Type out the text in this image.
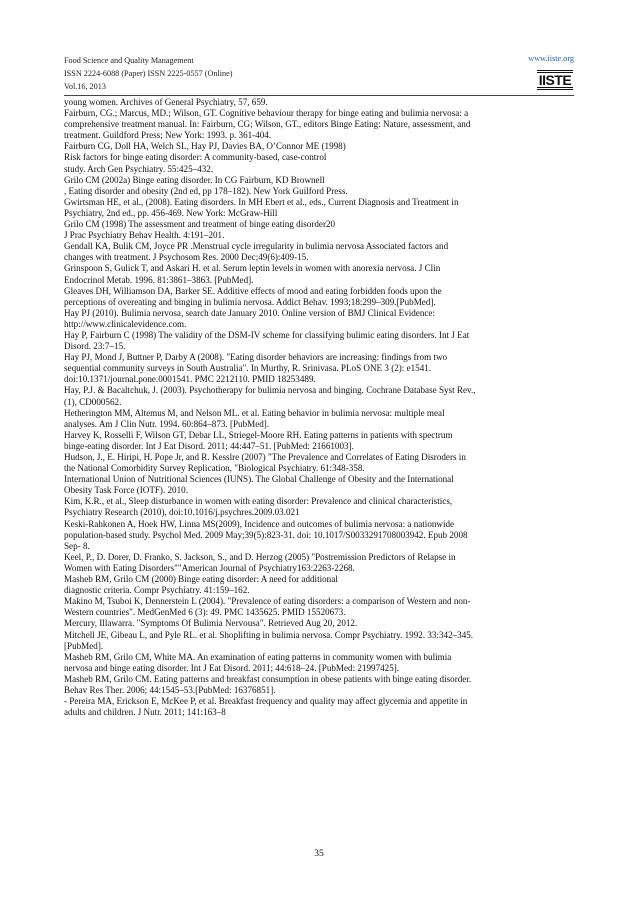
Food Science and Quality Management
ISSN 2224-6088 (Paper) ISSN 2225-0557 (Online)
Vol.16, 2013
www.iiste.org
IISTE
young women. Archives of General Psychiatry, 57, 659.
Fairburn, CG.; Marcus, MD.; Wilson, GT. Cognitive behaviour therapy for binge eating and bulimia nervosa: a
comprehensive treatment manual. In: Fairburn, CG; Wilson, GT., editors Binge Eating: Nature, assessment, and
treatment. Guildford Press; New York: 1993. p. 361-404.
Fairburn CG, Doll HA, Welch SL, Hay PJ, Davies BA, O’Connor ME (1998)
Risk factors for binge eating disorder: A community-based, case-control
study. Arch Gen Psychiatry. 55:425–432.
Grilo CM (2002a) Binge eating disorder. In CG Fairburn, KD Brownell
, Eating disorder and obesity (2nd ed, pp 178–182). New York Guilford Press.
Gwirtsman HE, et al., (2008). Eating disorders. In MH Ebert et al., eds., Current Diagnosis and Treatment in
Psychiatry, 2nd ed., pp. 456-469. New York: McGraw-Hill
Grilo CM (1998) The assessment and treatment of binge eating disorder20
J Prac Psychiatry Behav Health. 4:191–201.
Gendall KA, Bulik CM, Joyce PR .Menstrual cycle irregularity in bulimia nervosa Associated factors and
changes with treatment. J Psychosom Res. 2000 Dec;49(6):409-15.
Grinspoon S, Gulick T, and Askari H. et al. Serum leptin levels in women with anorexia nervosa. J Clin
Endocrinol Metab. 1996. 81:3861–3863. [PubMed].
Gleaves DH, Williamson DA, Barker SE. Additive effects of mood and eating forbidden foods upon the
perceptions of overeating and binging in bulimia nervosa. Addict Behav. 1993;18:299–309.[PubMed].
Hay PJ (2010). Bulimia nervosa, search date January 2010. Online version of BMJ Clinical Evidence:
http://www.clinicalevidence.com.
Hay P, Fairburn C (1998) The validity of the DSM-IV scheme for classifying bulimic eating disorders. Int J Eat
Disord. 23:7–15.
Hay PJ, Mond J, Buttner P, Darby A (2008). "Eating disorder behaviors are increasing: findings from two
sequential community surveys in South Australia". In Murthy, R. Srinivasa. PLoS ONE 3 (2): e1541.
doi:10.1371/journal.pone.0001541. PMC 2212110. PMID 18253489.
Hay, P.J. & Bacaltchuk, J. (2003). Psychotherapy for bulimia nervosa and binging. Cochrane Database Syst Rev.,
(1), CD000562.
Hetherington MM, Altemus M, and Nelson ML. et al. Eating behavior in bulimia nervosa: multiple meal
analyses. Am J Clin Nutr. 1994. 60:864–873. [PubMed].
Harvey K, Rosselli F, Wilson GT, Debar LL, Striegel-Moore RH. Eating patterns in patients with spectrum
binge-eating disorder. Int J Eat Disord. 2011; 44:447–51. [PubMed: 21661003].
Hudson, J., E. Hiripi, H. Pope Jr, and R. Kesslre (2007) "The Prevalence and Correlates of Eating Disroders in
the National Comorbidity Survey Replication, "Biological Psychiatry. 61:348-358.
International Union of Nutritional Sciences (IUNS). The Global Challenge of Obesity and the International
Obesity Task Force (IOTF). 2010.
Kim, K.R., et al., Sleep disturbance in women with eating disorder: Prevalence and clinical characteristics,
Psychiatry Research (2010), doi:10.1016/j.psychres.2009.03.021
Keski-Rahkonen A, Hoek HW, Linna MS(2009), Incidence and outcomes of bulimia nervosa: a nationwide
population-based study. Psychol Med. 2009 May;39(5):823-31. doi: 10.1017/S0033291708003942. Epub 2008
Sep- 8.
Keel, P., D. Dorer, D. Franko, S. Jackson, S., and D. Herzog (2005) "Postremission Predictors of Relapse in
Women with Eating Disorders""American Journal of Psychiatry163:2263-2268.
Masheb RM, Grilo CM (2000) Binge eating disorder: A need for additional
diagnostic criteria. Compr Psychiatry. 41:159–162.
Makino M, Tsuboi K, Dennerstein L (2004). "Prevalence of eating disorders: a comparison of Western and non-
Western countries". MedGenMed 6 (3): 49. PMC 1435625. PMID 15520673.
Mercury, Illawarra. "Symptoms Of Bulimia Nervousa". Retrieved Aug 20, 2012.
Mitchell JE, Gibeau L, and Pyle RL. et al. Shoplifting in bulimia nervosa. Compr Psychiatry. 1992. 33:342–345.
[PubMed].
Masheb RM, Grilo CM, White MA. An examination of eating patterns in community women with bulimia
nervosa and binge eating disorder. Int J Eat Disord. 2011; 44:618–24. [PubMed: 21997425].
Masheb RM, Grilo CM. Eating patterns and breakfast consumption in obese patients with binge eating disorder.
Behav Res Ther. 2006; 44:1545–53.[PubMed: 16376851].
- Pereira MA, Erickson E, McKee P, et al. Breakfast frequency and quality may affect glycemia and appetite in
adults and children. J Nutr. 2011; 141:163–8
35
